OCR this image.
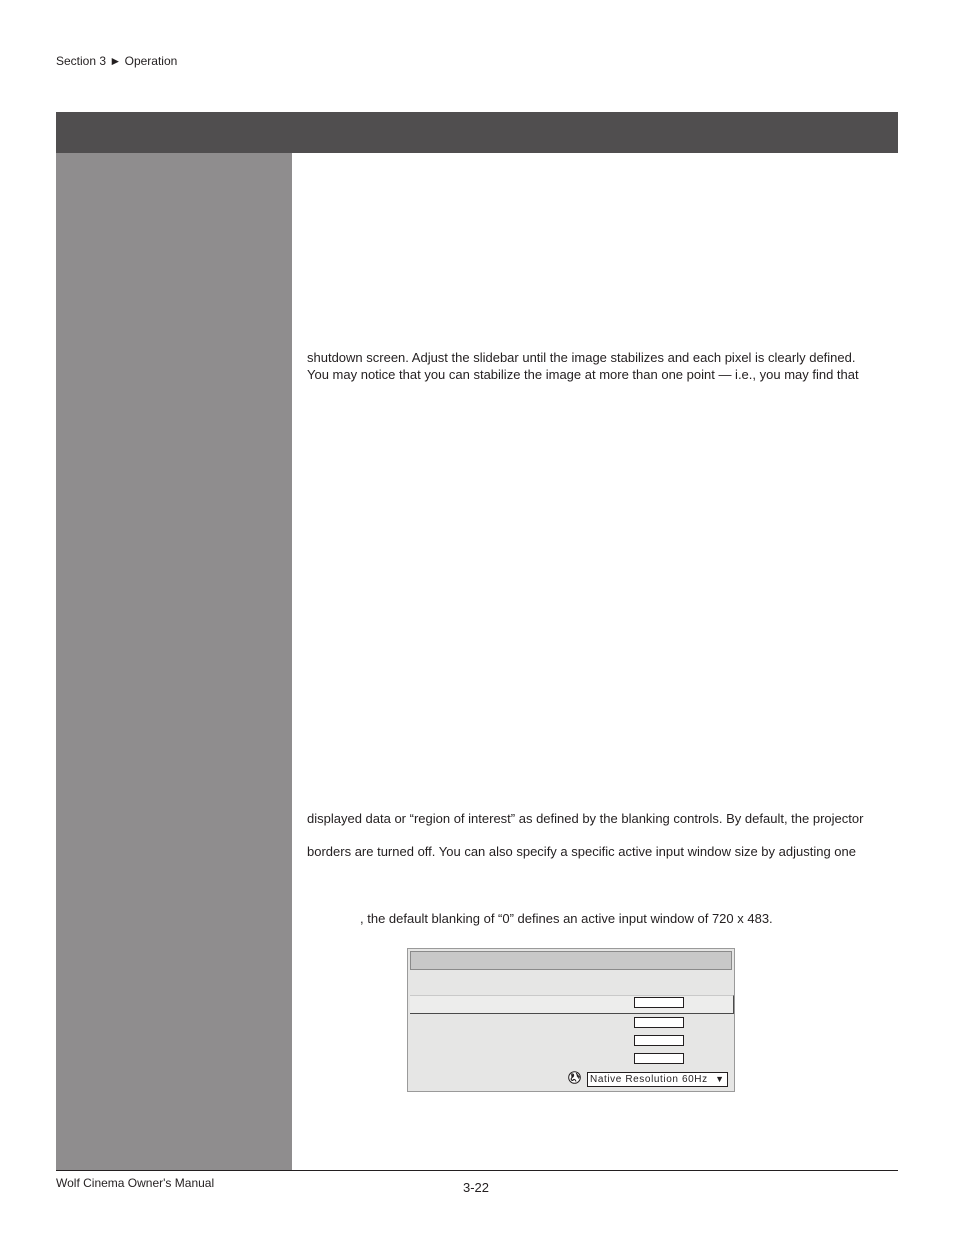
Section 3 ► Operation
shutdown screen. Adjust the slidebar until the image stabilizes and each pixel is clearly defined.
You may notice that you can stabilize the image at more than one point — i.e., you may find that
displayed data or “region of interest” as defined by the blanking controls. By default, the projector
borders are turned off. You can also specify a specific active input window size by adjusting one
, the default blanking of “0” defines an active input window of 720 x 483.
Native Resolution 60Hz ▼
Wolf Cinema Owner's Manual	3-22
